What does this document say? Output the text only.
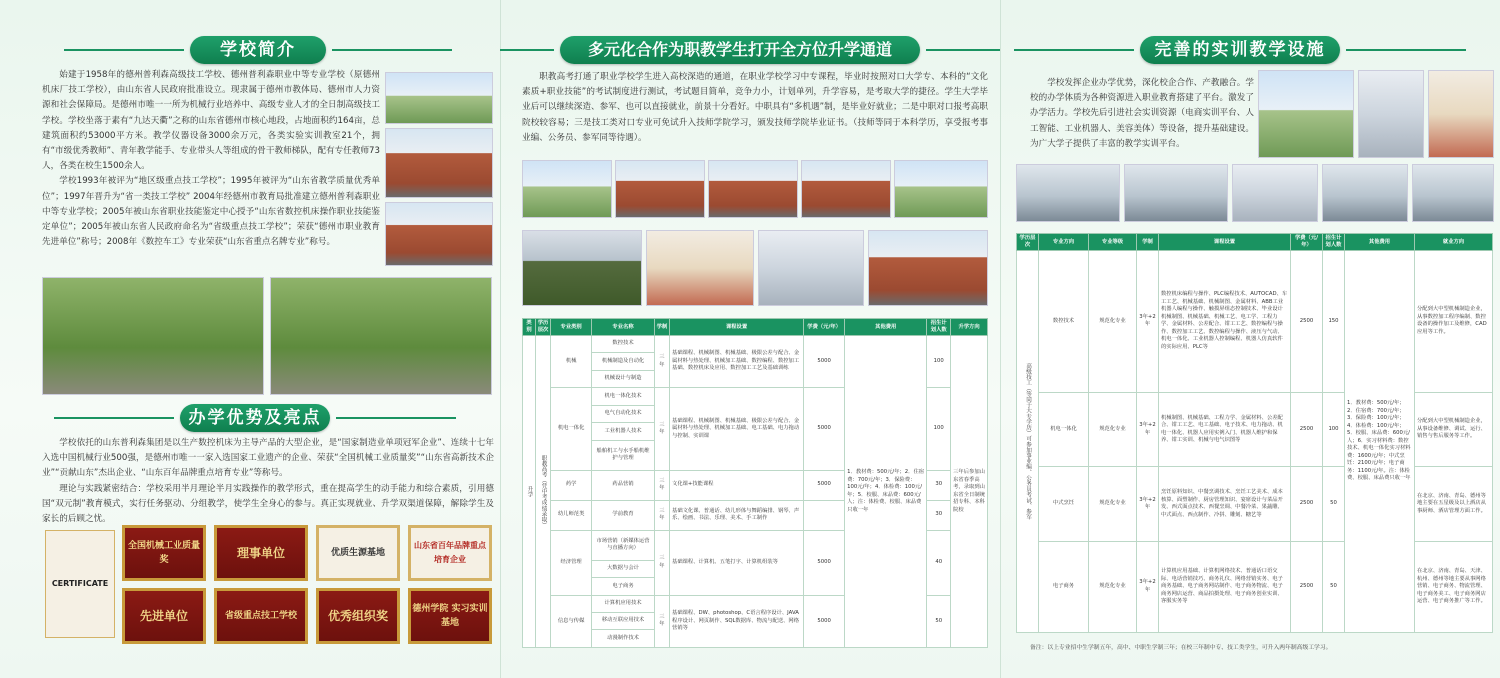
学校简介

始建于1958年的德州普利森高级技工学校、德州普利森职业中等专业学校（原德州机床厂技工学校），由山东省人民政府批准设立。现隶属于德州市教体局、德州市人力资源和社会保障局。是德州市唯一一所为机械行业培养中、高级专业人才的全日制高级技工学校。学校坐落于素有“九达天衢”之称的山东省德州市核心地段，占地面积约164亩，总建筑面积约53000平方米。教学仪器设备3000余万元，各类实验实训教室21个，拥有“市级优秀教师”、青年教学能手、专业带头人等组成的骨干教师梯队，配有专任教师73人，各类在校生1500余人。

学校1993年被评为“地区级重点技工学校”；1995年被评为“山东省教学质量优秀单位”；1997年晋升为“省一类技工学校” 2004年经德州市教育局批准建立德州普利森职业中等专业学校；2005年被山东省职业技能鉴定中心授予“山东省数控机床操作职业技能鉴定单位”；2005年被山东省人民政府命名为“省级重点技工学校”；荣获“德州市职业教育先进单位”称号；2008年《数控车工》专业荣获“山东省重点名牌专业”称号。

办学优势及亮点

学校依托的山东普利森集团是以生产数控机床为主导产品的大型企业，是“国家制造业单项冠军企业”、连续十七年入选中国机械行业500强，是德州市唯一一家入选国家工业遗产的企业、荣获“全国机械工业质量奖”“山东省高新技术企业”“贡献山东”杰出企业、“山东百年品牌重点培育专业”等称号。

理论与实践紧密结合：学校采用半月理论半月实践操作的教学形式，重在提高学生的动手能力和综合素质，引用德国“双元制”教育模式，实行任务驱动、分组教学，使学生全身心的参与。真正实现就业、升学双渠道保障，解除学生及家长的后顾之忧。

CERTIFICATE
全国机械工业质量奖	理事单位	优质生源基地
山东省百年品牌重点培育企业
先进单位	省级重点技工学校	优秀组织奖	德州学院 实习实训基地
多元化合作为职教学生打开全方位升学通道

职教高考打通了职业学校学生进入高校深造的通道，在职业学校学习中专课程，毕业时按照对口大学专、本科的“文化素质+职业技能”的考试制度进行测试，考试题目简单，竞争力小，计划单列，升学容易，是考取大学的捷径。学生大学毕业后可以继续深造、参军、也可以直接就业，前景十分看好。中职具有“多机遇”制，是毕业好就业；二是中职对口报考高职院校较容易；三是技工类对口专业可免试升入技师学院学习，颁发技师学院毕业证书。（技师等同于本科学历，享受报考事业编、公务员、参军同等待遇）。

类别	学历层次	专业类别	专业名称	学制	课程设置	学费（元/年）	其他费用	招生计划人数	升学方向

升学	职教高考（凭中考成绩录取）	机械	数控技术	三年	基础课程、机械制图、机械基础、极限公差与配合、金属材料与热处理、机械加工基础、数控编程、数控加工基础、数控机床及应用、数控加工工艺及基础训练	5000	1．教材费：500元/年；2．住宿费：700元/年；3．保险费：100元/年；4．体检费：100元/年；5．校服、床品费：600元/人；注：体检费、校服、床品费只收一年	100	三年后参加山东省春季高考，录取到山东省全日制统招专科、本科院校
			机械制造及自动化						
			机械设计与制造						
		机电一体化	机电一体化技术	三年	基础课程、机械制图、机械基础、极限公差与配合、金属材料与热处理、机械加工基础、电工基础、电力拖动与控制、实训课	5000		100	
			电气自动化技术						
			工业机器人技术						
			船舶机工与水手船机维护与管理						
		药学	药品营销	三年	文化课+技能课程	5000		30	
		幼儿师范类	学前教育	三年	基础文化课、普通话、幼儿形体与舞蹈编排、钢琴、声乐、绘画、书法、乐理、美术、手工制作			30	
		经济管理	市场营销（新媒体运营与直播方向）	三年	基础课程、计算机、五笔打字、计算机组装等	5000		40	
			大数据与会计						
			电子商务						
		信息与传媒	计算机应用技术	三年	基础课程、DW、photoshop、C语言程序设计、JAVA程序设计、网页制作、SQL数据库、物流与配送、网络营销等	5000		50	
			移动互联应用技术						
			动漫制作技术						
完善的实训教学设施

学校发挥企业办学优势，深化校企合作、产教融合。学校的办学体质为各种资源进入职业教育搭建了平台。激发了办学活力。学校先后引进社会实训资源（电商实训平台、人工智能、工业机器人、美容美体）等设备，提升基础建设。为广大学子提供了丰富的教学实训平台。

学历层次	专业方向	专业等级	学制	课程设置	学费（元/年）	招生计划人数	其他费用	就业方向

高级技工（等同于大专学历）可参加事业编、公务员考试、参军	数控技术	规范化专业	3年+2年	数控机床编程与操作、PLC编程技术、AUTOCAD、车工工艺、机械基础、机械制图、金属材料、ABB工业机器人编程与操作、触摸屏组态控制技术、毕业设计机械制图、机械基础、机械工艺、电工学、工程力学、金属材料、公差配合、钳工工艺、数控编程与操作、数控加工工艺、数控编程与操作、液压与气动、机电一体化、工业机器人控制编程、机器人仿真软件的实际应用、PLC等	2500	150	1．教材费：500元/年；2．住宿费：700元/年；3．保险费：100元/年；4．体检费：100元/年；5．校服、床品费：600元/人；6．实习材料费：数控技术、机电一体化实习材料费：1600元/年；中式烹饪：2100元/年；电子商务：1100元/年。注：体检费、校服、床品费只收一年	分配到大中型机械制造企业，从事数控加工程序编制、数控设备的操作加工及维修，CAD应用等工作。
	机电一体化	规范化专业	3年+2年	机械制图、机械基础、工程力学、金属材料、公差配合、钳工工艺、电工基础、电子技术、电力拖动、机电一体化、机器人应用实例入门、机器人维护和保养、钳工实训、机械与电气识图等	2500	100		分配到大中型机械制造企业，从事设备维修、调试、运行、销售与售后服务等工作。
	中式烹饪	规范化专业	3年+2年	烹饪原料知识、中餐烹调技术、烹饪工艺美术、成本核算、面塑制作、厨房管理知识、宴席设计与菜品开发、西式面点技术、西餐烹调、中餐冷菜、果蔬雕、中式面点、西点制作、冷拼、雕刻、糖艺等	2500	50		在北京、济南、青岛、德州等地主要在五星级及以上酒店从事厨师、酒店管理方面工作。
	电子商务	规范化专业	3年+2年	计算机应用基础、计算机网络技术、普通话口语交际、电话营销技巧、商务礼仪、网络营销实务、电子商务基础、电子商务网站制作、电子商务物流、电子商务网店运营、商品拍摄处理、电子商务创业实训、客服实务等	2500	50		在北京、济南、青岛、天津、杭州、德州等地主要从事网络营销、电子商务、物流管理、电子商务美工、电子商务网店运营、电子商务推广等工作。
备注：以上专业招中生学制五年，高中、中职生学制三年；在校三年制中专、技工类学生，可升入两年制高级工学习。
